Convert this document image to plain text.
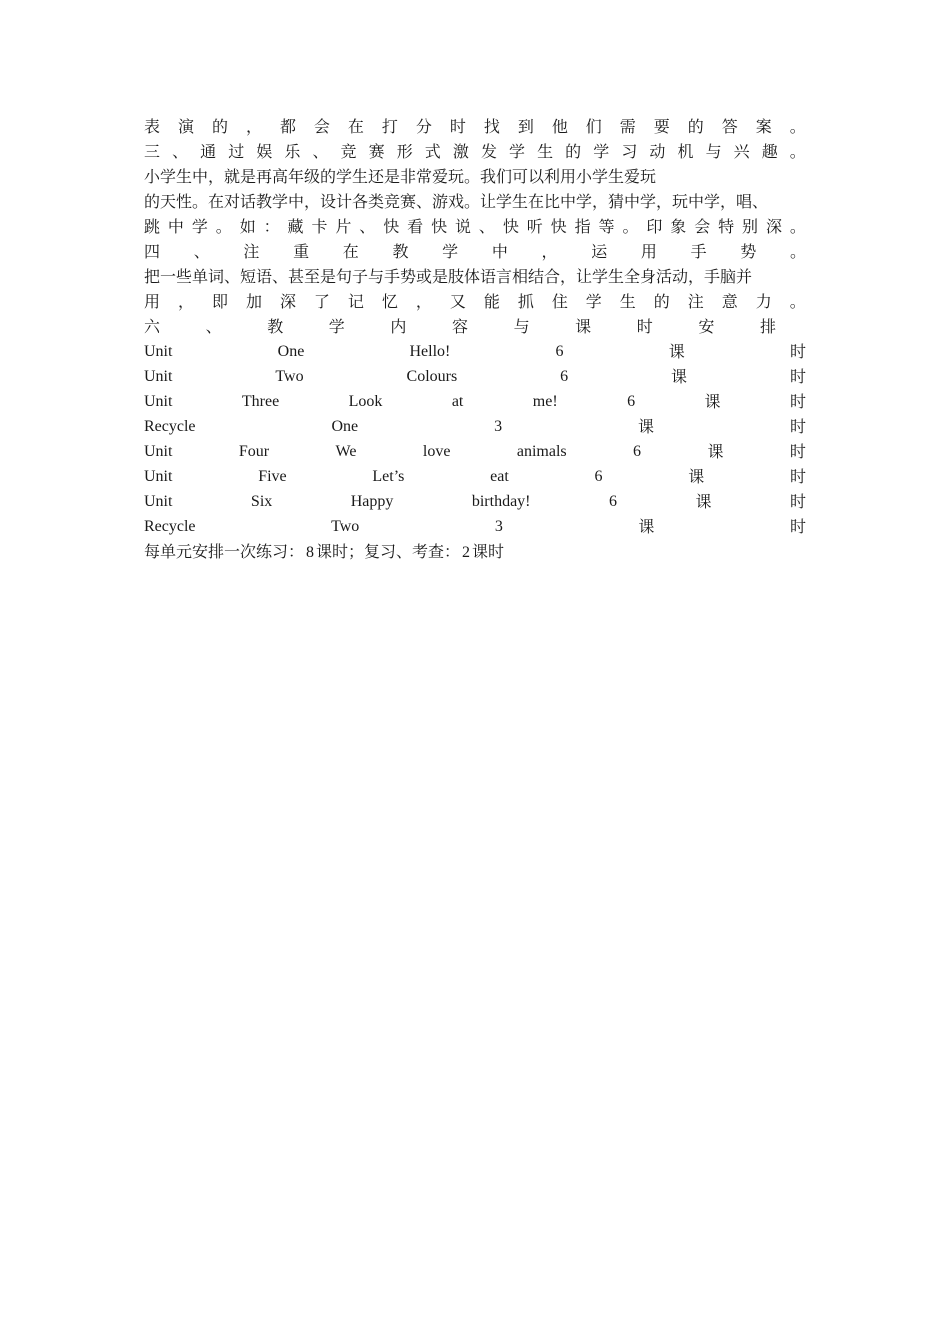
表 演 的 ， 都 会 在 打 分 时 找 到 他 们 需 要 的 答 案 。
三 、 通 过 娱 乐 、 竞 赛 形 式 激 发 学 生 的 学 习 动 机 与 兴 趣 。
小学生中，就是再高年级的学生还是非常爱玩。我们可以利用小学生爱玩
的天性。在对话教学中，设计各类竞赛、游戏。让学生在比中学，猜中学，玩中学，唱、
跳 中 学 。 如 ： 藏 卡 片 、 快 看 快 说 、 快 听 快 指 等 。 印 象 会 特 别 深 。
四 、 注 重 在 教 学 中 ， 运 用 手 势 。
把一些单词、短语、甚至是句子与手势或是肢体语言相结合，让学生全身活动，手脑并
用 ， 即 加 深 了 记 忆 ， 又 能 抓 住 学 生 的 注 意 力 。
六	、	教	学	内	容	与	课	时	安	排
Unit	One	Hello!	6	课	时
Unit	Two	Colours	6	课	时
Unit	Three	Look	at	me!	6	课	时
Recycle	One	3	课	时
Unit	Four	We	love	animals	6	课	时
Unit	Five	Let’s	eat	6	课	时
Unit	Six	Happy	birthday!	6	课	时
Recycle	Two	3	课	时
每单元安排一次练习： 8 课时；复习、考查： 2 课时
